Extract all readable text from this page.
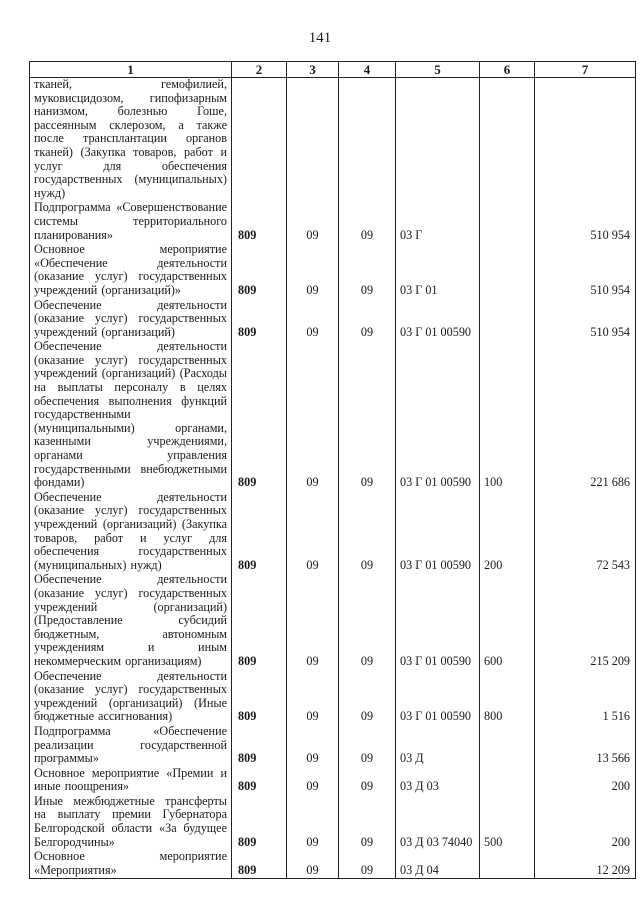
141
1	2	3	4	5	6	7
тканей, гемофилией, муковисцидозом, гипофизарным нанизмом, болезнью Гоше, рассеянным склерозом, а также после трансплантации органов тканей) (Закупка товаров, работ и услуг для обеспечения государственных (муниципальных) нужд)						
Подпрограмма «Совершенствование системы территориального планирования»	809	09	09	03 Г		510 954
Основное мероприятие «Обеспечение деятельности (оказание услуг) государственных учреждений (организаций)»	809	09	09	03 Г 01		510 954
Обеспечение деятельности (оказание услуг) государственных учреждений (организаций)	809	09	09	03 Г 01 00590		510 954
Обеспечение деятельности (оказание услуг) государственных учреждений (организаций) (Расходы на выплаты персоналу в целях обеспечения выполнения функций государственными (муниципальными) органами, казенными учреждениями, органами управления государственными внебюджетными фондами)	809	09	09	03 Г 01 00590	100	221 686
Обеспечение деятельности (оказание услуг) государственных учреждений (организаций) (Закупка товаров, работ и услуг для обеспечения государственных (муниципальных) нужд)	809	09	09	03 Г 01 00590	200	72 543
Обеспечение деятельности (оказание услуг) государственных учреждений (организаций) (Предоставление субсидий бюджетным, автономным учреждениям и иным некоммерческим организациям)	809	09	09	03 Г 01 00590	600	215 209
Обеспечение деятельности (оказание услуг) государственных учреждений (организаций) (Иные бюджетные ассигнования)	809	09	09	03 Г 01 00590	800	1 516
Подпрограмма «Обеспечение реализации государственной программы»	809	09	09	03 Д		13 566
Основное мероприятие «Премии и иные поощрения»	809	09	09	03 Д 03		200
Иные межбюджетные трансферты на выплату премии Губернатора Белгородской области «За будущее Белгородчины»	809	09	09	03 Д 03 74040	500	200
Основное мероприятие «Мероприятия»	809	09	09	03 Д 04		12 209
